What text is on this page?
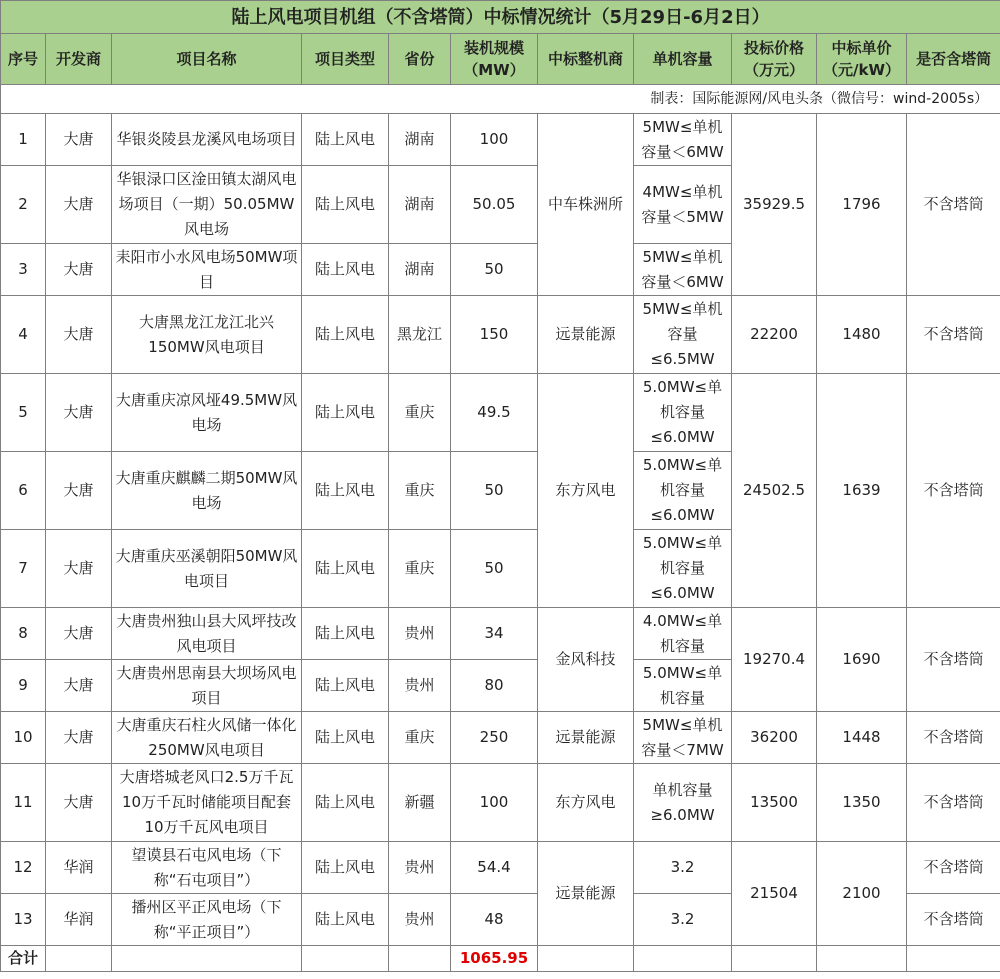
陆上风电项目机组（不含塔筒）中标情况统计（5月29日-6月2日）										
序号	开发商	项目名称	项目类型	省份	装机规模（MW）	中标整机商	单机容量	投标价格（万元）	中标单价（元/kW）	是否含塔筒
制表：国际能源网/风电头条（微信号：wind-2005s）										
1	大唐	华银炎陵县龙溪风电场项目	陆上风电	湖南	100	中车株洲所	5MW≤单机容量＜6MW	35929.5	1796	不含塔筒
2	大唐	华银渌口区淦田镇太湖风电场项目（一期）50.05MW风电场	陆上风电	湖南	50.05		4MW≤单机容量＜5MW			
3	大唐	耒阳市小水风电场50MW项目	陆上风电	湖南	50		5MW≤单机容量＜6MW			
4	大唐	大唐黑龙江龙江北兴150MW风电项目	陆上风电	黑龙江	150	远景能源	5MW≤单机容量≤6.5MW	22200	1480	不含塔筒
5	大唐	大唐重庆凉风垭49.5MW风电场	陆上风电	重庆	49.5	东方风电	5.0MW≤单机容量≤6.0MW	24502.5	1639	不含塔筒
6	大唐	大唐重庆麒麟二期50MW风电场	陆上风电	重庆	50		5.0MW≤单机容量≤6.0MW			
7	大唐	大唐重庆巫溪朝阳50MW风电项目	陆上风电	重庆	50		5.0MW≤单机容量≤6.0MW			
8	大唐	大唐贵州独山县大风坪技改风电项目	陆上风电	贵州	34	金风科技	4.0MW≤单机容量	19270.4	1690	不含塔筒
9	大唐	大唐贵州思南县大坝场风电项目	陆上风电	贵州	80		5.0MW≤单机容量			
10	大唐	大唐重庆石柱火风储一体化250MW风电项目	陆上风电	重庆	250	远景能源	5MW≤单机容量＜7MW	36200	1448	不含塔筒
11	大唐	大唐塔城老风口2.5万千瓦10万千瓦时储能项目配套10万千瓦风电项目	陆上风电	新疆	100	东方风电	单机容量≥6.0MW	13500	1350	不含塔筒
12	华润	望谟县石屯风电场（下称“石屯项目”）	陆上风电	贵州	54.4	远景能源	3.2	21504	2100	不含塔筒
13	华润	播州区平正风电场（下称“平正项目”）	陆上风电	贵州	48		3.2			不含塔筒
合计					1065.95					
